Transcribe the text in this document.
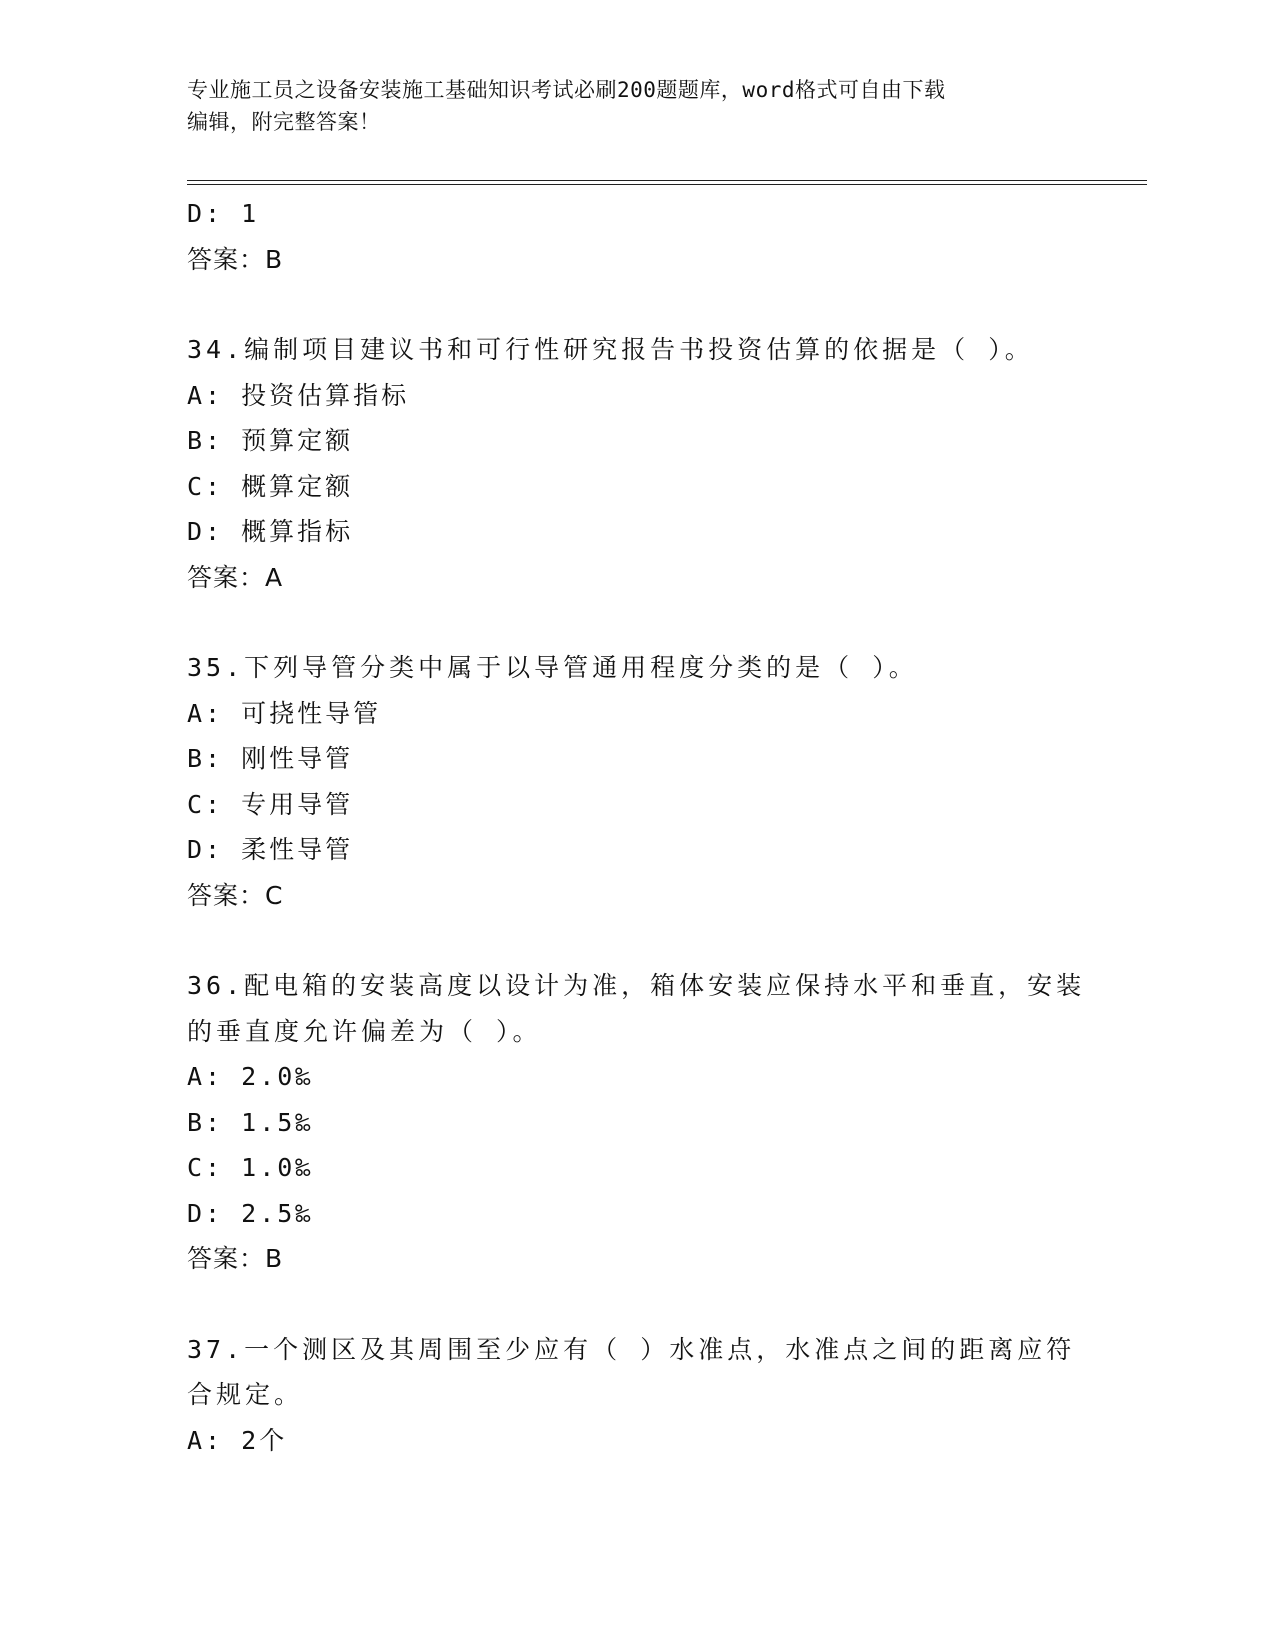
专业施工员之设备安装施工基础知识考试必刷200题题库，word格式可自由下载
编辑，附完整答案！
D: 1
答案：B
34.编制项目建议书和可行性研究报告书投资估算的依据是（ ）。
A: 投资估算指标
B: 预算定额
C: 概算定额
D: 概算指标
答案：A
35.下列导管分类中属于以导管通用程度分类的是（ ）。
A: 可挠性导管
B: 刚性导管
C: 专用导管
D: 柔性导管
答案：C
36.配电箱的安装高度以设计为准，箱体安装应保持水平和垂直，安装
的垂直度允许偏差为（ ）。
A: 2.0‰
B: 1.5‰
C: 1.0‰
D: 2.5‰
答案：B
37.一个测区及其周围至少应有（ ）水准点，水准点之间的距离应符
合规定。
A: 2个
